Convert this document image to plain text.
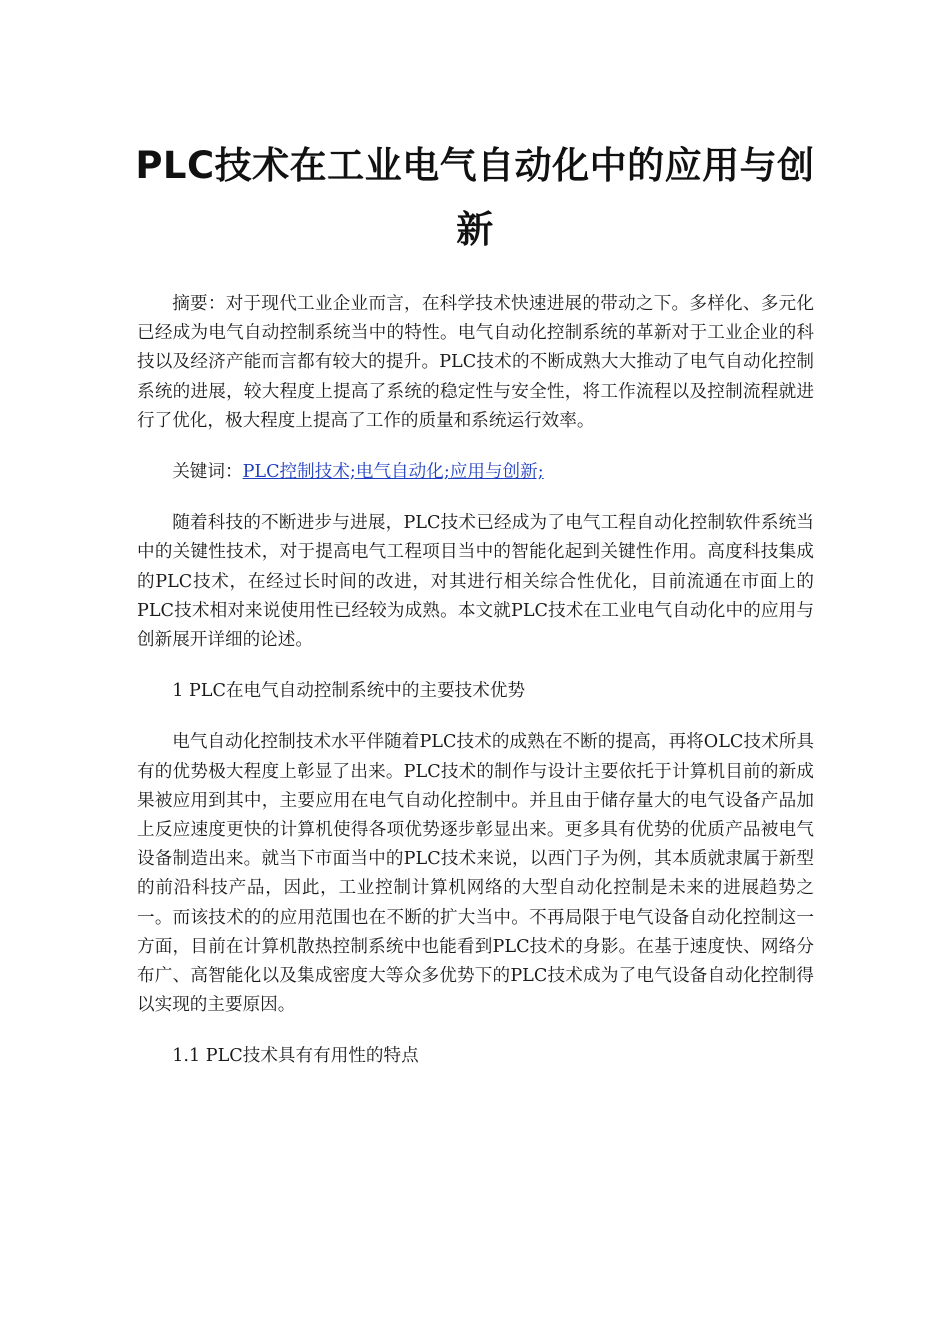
PLC技术在工业电气自动化中的应用与创新

摘要：对于现代工业企业而言，在科学技术快速进展的带动之下。多样化、多元化已经成为电气自动控制系统当中的特性。电气自动化控制系统的革新对于工业企业的科技以及经济产能而言都有较大的提升。PLC技术的不断成熟大大推动了电气自动化控制系统的进展，较大程度上提高了系统的稳定性与安全性，将工作流程以及控制流程就进行了优化，极大程度上提高了工作的质量和系统运行效率。

关键词：PLC控制技术;电气自动化;应用与创新;

随着科技的不断进步与进展，PLC技术已经成为了电气工程自动化控制软件系统当中的关键性技术，对于提高电气工程项目当中的智能化起到关键性作用。高度科技集成的PLC技术，在经过长时间的改进，对其进行相关综合性优化，目前流通在市面上的PLC技术相对来说使用性已经较为成熟。本文就PLC技术在工业电气自动化中的应用与创新展开详细的论述。

1 PLC在电气自动控制系统中的主要技术优势

电气自动化控制技术水平伴随着PLC技术的成熟在不断的提高，再将OLC技术所具有的优势极大程度上彰显了出来。PLC技术的制作与设计主要依托于计算机目前的新成果被应用到其中，主要应用在电气自动化控制中。并且由于储存量大的电气设备产品加上反应速度更快的计算机使得各项优势逐步彰显出来。更多具有优势的优质产品被电气设备制造出来。就当下市面当中的PLC技术来说，以西门子为例，其本质就隶属于新型的前沿科技产品，因此，工业控制计算机网络的大型自动化控制是未来的进展趋势之一。而该技术的的应用范围也在不断的扩大当中。不再局限于电气设备自动化控制这一方面，目前在计算机散热控制系统中也能看到PLC技术的身影。在基于速度快、网络分布广、高智能化以及集成密度大等众多优势下的PLC技术成为了电气设备自动化控制得以实现的主要原因。

1.1 PLC技术具有有用性的特点
